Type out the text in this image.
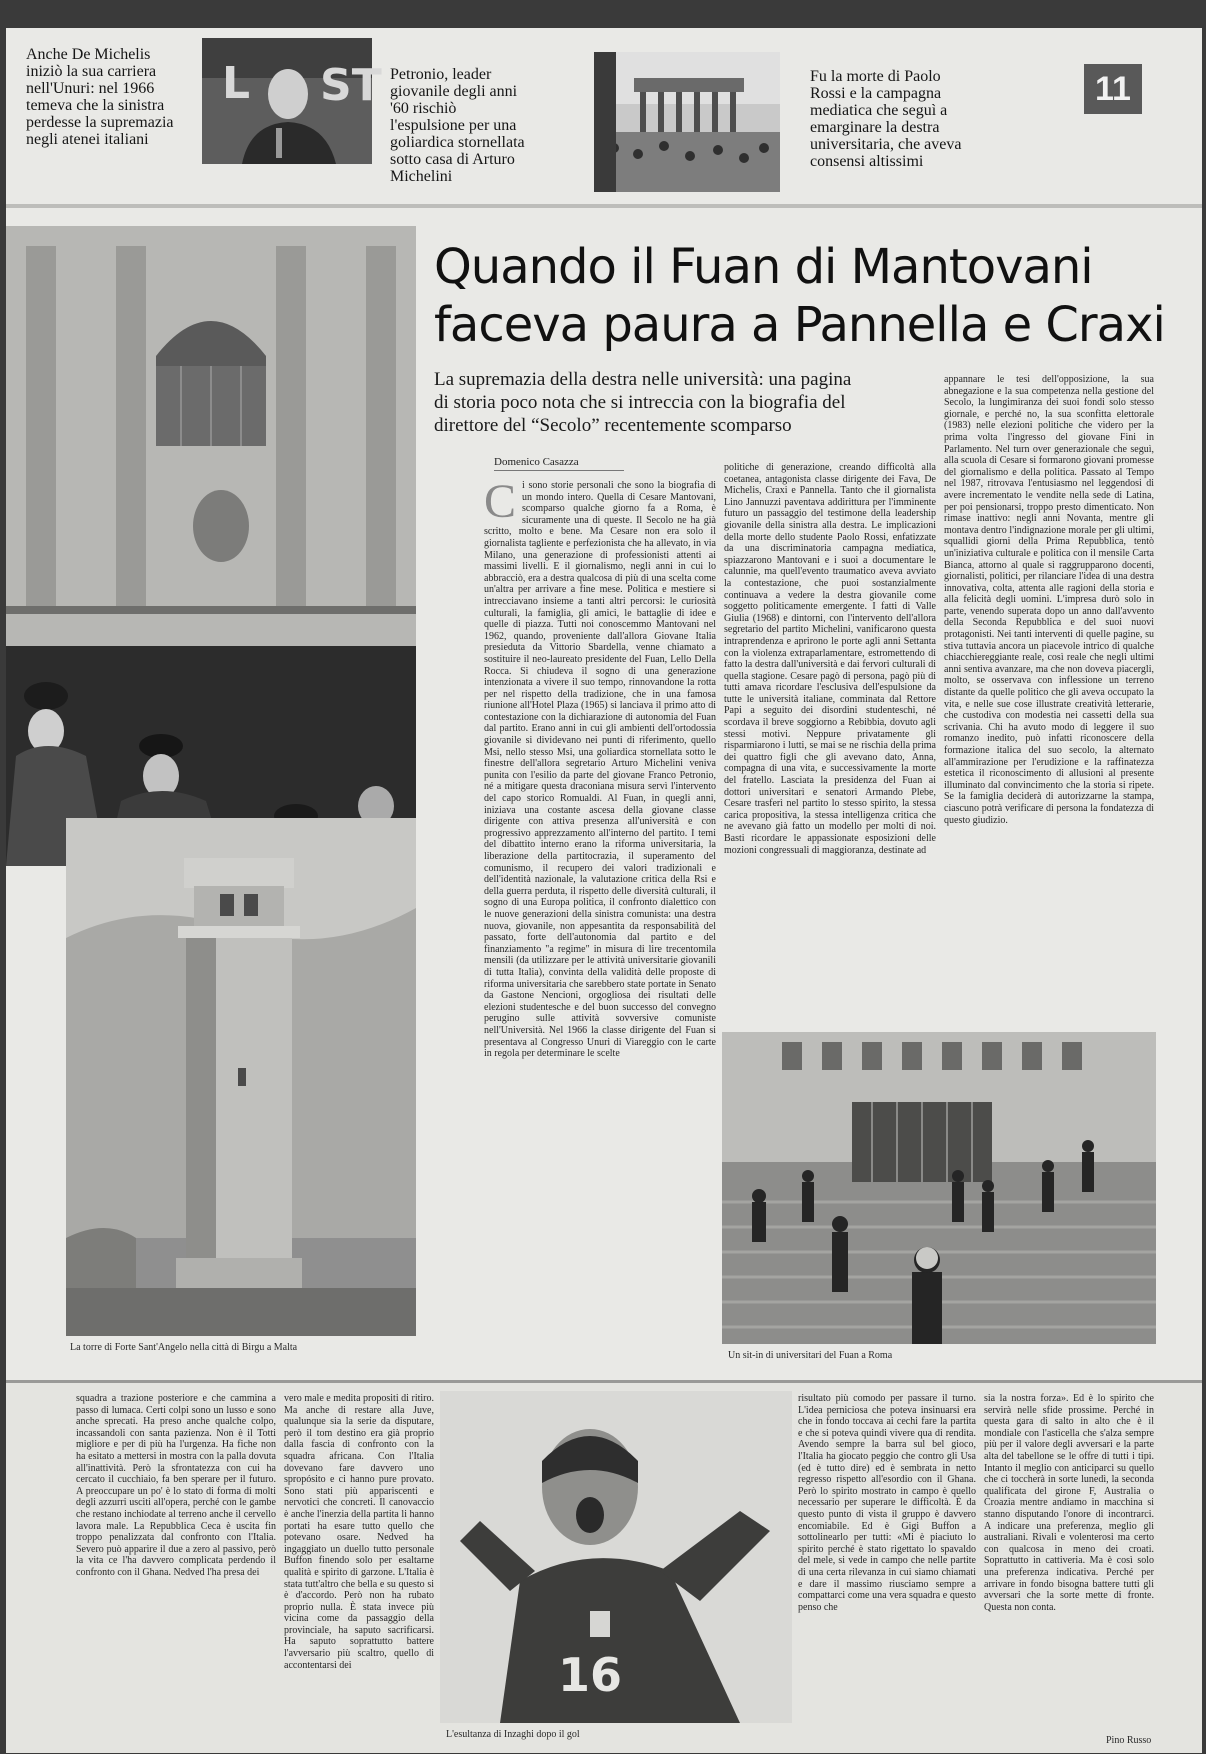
Anche De Michelis iniziò la sua carriera nell'Unuri: nel 1966 temeva che la sinistra perdesse la supremazia negli atenei italiani

L ST Petronio, leader giovanile degli anni '60 rischiò l'espulsione per una goliardica stornellata sotto casa di Arturo Michelini

Fu la morte di Paolo Rossi e la campagna mediatica che seguì a emarginare la destra universitaria, che aveva consensi altissimi

11

La torre di Forte Sant'Angelo nella città di Birgu a Malta

Quando il Fuan di Mantovani
faceva paura a Pannella e Craxi

La supremazia della destra nelle università: una pagina di storia poco nota che si intreccia con la biografia del direttore del “Secolo” recentemente scomparso

Domenico Casazza
C i sono storie personali che sono la biografia di un mondo intero. Quella di Cesare Mantovani, scomparso qualche giorno fa a Roma, è sicuramente una di queste. Il Secolo ne ha già scritto, molto e bene. Ma Cesare non era solo il giornalista tagliente e perfezionista che ha allevato, in via Milano, una generazione di professionisti attenti ai massimi livelli. E il giornalismo, negli anni in cui lo abbracciò, era a destra qualcosa di più di una scelta come un'altra per arrivare a fine mese. Politica e mestiere si intrecciavano insieme a tanti altri percorsi: le curiosità culturali, la famiglia, gli amici, le battaglie di idee e quelle di piazza. Tutti noi conoscemmo Mantovani nel 1962, quando, proveniente dall'allora Giovane Italia presieduta da Vittorio Sbardella, venne chiamato a sostituire il neo-laureato presidente del Fuan, Lello Della Rocca. Si chiudeva il sogno di una generazione intenzionata a vivere il suo tempo, rinnovandone la rotta per nel rispetto della tradizione, che in una famosa riunione all'Hotel Plaza (1965) si lanciava il primo atto di contestazione con la dichiarazione di autonomia del Fuan dal partito. Erano anni in cui gli ambienti dell'ortodossia giovanile si dividevano nei punti di riferimento, quello Msi, nello stesso Msi, una goliardica stornellata sotto le finestre dell'allora segretario Arturo Michelini veniva punita con l'esilio da parte del giovane Franco Petronio, né a mitigare questa draconiana misura servì l'intervento del capo storico Romualdi. Al Fuan, in quegli anni, iniziava una costante ascesa della giovane classe dirigente con attiva presenza all'università e con progressivo apprezzamento all'interno del partito. I temi del dibattito interno erano la riforma universitaria, la liberazione della partitocrazia, il superamento del comunismo, il recupero dei valori tradizionali e dell'identità nazionale, la valutazione critica della Rsi e della guerra perduta, il rispetto delle diversità culturali, il sogno di una Europa politica, il confronto dialettico con le nuove generazioni della sinistra comunista: una destra nuova, giovanile, non appesantita da responsabilità del passato, forte dell'autonomia dal partito e del finanziamento "a regime" in misura di lire trecentomila mensili (da utilizzare per le attività universitarie giovanili di tutta Italia), convinta della validità delle proposte di riforma universitaria che sarebbero state portate in Senato da Gastone Nencioni, orgogliosa dei risultati delle elezioni studentesche e del buon successo del convegno perugino sulle attività sovversive comuniste nell'Università. Nel 1966 la classe dirigente del Fuan si presentava al Congresso Unuri di Viareggio con le carte in regola per determinare le scelte

politiche di generazione, creando difficoltà alla coetanea, antagonista classe dirigente dei Fava, De Michelis, Craxi e Pannella. Tanto che il giornalista Lino Jannuzzi paventava addirittura per l'imminente futuro un passaggio del testimone della leadership giovanile della sinistra alla destra. Le implicazioni della morte dello studente Paolo Rossi, enfatizzate da una discriminatoria campagna mediatica, spiazzarono Mantovani e i suoi a documentare le calunnie, ma quell'evento traumatico aveva avviato la contestazione, che puoi sostanzialmente continuava a vedere la destra giovanile come soggetto politicamente emergente. I fatti di Valle Giulia (1968) e dintorni, con l'intervento dell'allora segretario del partito Michelini, vanificarono questa intraprendenza e aprirono le porte agli anni Settanta con la violenza extraparlamentare, estromettendo di fatto la destra dall'università e dai fervori culturali di quella stagione. Cesare pagò di persona, pagò più di tutti amava ricordare l'esclusiva dell'espulsione da tutte le università italiane, comminata dal Rettore Papi a seguito dei disordini studenteschi, né scordava il breve soggiorno a Rebibbia, dovuto agli stessi motivi. Neppure privatamente gli risparmiarono i lutti, se mai se ne rischia della prima dei quattro figli che gli avevano dato, Anna, compagna di una vita, e successivamente la morte del fratello. Lasciata la presidenza del Fuan ai dottori universitari e senatori Armando Plebe, Cesare trasferì nel partito lo stesso spirito, la stessa carica propositiva, la stessa intelligenza critica che ne avevano già fatto un modello per molti di noi. Basti ricordare le appassionate esposizioni delle mozioni congressuali di maggioranza, destinate ad

appannare le tesi dell'opposizione, la sua abnegazione e la sua competenza nella gestione del Secolo, la lungimiranza dei suoi fondi solo stesso giornale, e perché no, la sua sconfitta elettorale (1983) nelle elezioni politiche che videro per la prima volta l'ingresso del giovane Fini in Parlamento. Nel turn over generazionale che seguì, alla scuola di Cesare si formarono giovani promesse del giornalismo e della politica. Passato al Tempo nel 1987, ritrovava l'entusiasmo nel leggendosi di avere incrementato le vendite nella sede di Latina, per poi pensionarsi, troppo presto dimenticato. Non rimase inattivo: negli anni Novanta, mentre gli montava dentro l'indignazione morale per gli ultimi, squallidi giorni della Prima Repubblica, tentò un'iniziativa culturale e politica con il mensile Carta Bianca, attorno al quale si raggrupparono docenti, giornalisti, politici, per rilanciare l'idea di una destra innovativa, colta, attenta alle ragioni della storia e alla felicità degli uomini. L'impresa durò solo in parte, venendo superata dopo un anno dall'avvento della Seconda Repubblica e del suoi nuovi protagonisti. Nei tanti interventi di quelle pagine, su stiva tuttavia ancora un piacevole intrico di qualche chiacchiereggiante reale, così reale che negli ultimi anni sentiva avanzare, ma che non doveva piacergli, molto, se osservava con inflessione un terreno distante da quelle politico che gli aveva occupato la vita, e nelle sue cose illustrate creatività letterarie, che custodiva con modestia nei cassetti della sua scrivania. Chi ha avuto modo di leggere il suo romanzo inedito, può infatti riconoscere della formazione italica del suo secolo, la alternato all'ammirazione per l'erudizione e la raffinatezza estetica il riconoscimento di allusioni al presente illuminato dal convincimento che la storia si ripete. Se la famiglia deciderà di autorizzarne la stampa, ciascuno potrà verificare di persona la fondatezza di questo giudizio.

Un sit-in di universitari del Fuan a Roma

squadra a trazione posteriore e che cammina a passo di lumaca. Certi colpi sono un lusso e sono anche sprecati. Ha preso anche qualche colpo, incassandoli con santa pazienza. Non è il Totti migliore e per di più ha l'urgenza. Ha fiche non ha esitato a mettersi in mostra con la palla dovuta all'inattività. Però la sfrontatezza con cui ha cercato il cucchiaio, fa ben sperare per il futuro. A preoccupare un po' è lo stato di forma di molti degli azzurri usciti all'opera, perché con le gambe che restano inchiodate al terreno anche il cervello lavora male. La Repubblica Ceca è uscita fin troppo penalizzata dal confronto con l'Italia. Severo può apparire il due a zero al passivo, però la vita ce l'ha davvero complicata perdendo il confronto con il Ghana. Nedved l'ha presa dei

vero male e medita propositi di ritiro. Ma anche di restare alla Juve, qualunque sia la serie da disputare, però il tom destino era già proprio dalla fascia di confronto con la squadra africana. Con l'Italia dovevano fare davvero uno spropósito e ci hanno pure provato. Sono stati più appariscenti e nervotici che concreti. Il canovaccio è anche l'inerzia della partita li hanno portati ha esare tutto quello che potevano osare. Nedved ha ingaggiato un duello tutto personale Buffon finendo solo per esaltarne qualità e spirito di garzone. L'Italia è stata tutt'altro che bella e su questo si è d'accordo. Però non ha rubato proprio nulla. È stata invece più vicina come da passaggio della provinciale, ha saputo sacrificarsi. Ha saputo soprattutto battere l'avversario più scaltro, quello di accontentarsi dei	16

L'esultanza di Inzaghi dopo il gol

risultato più comodo per passare il turno. L'idea perniciosa che poteva insinuarsi era che in fondo toccava ai cechi fare la partita e che si poteva quindi vivere qua di rendita. Avendo sempre la barra sul bel gioco, l'Italia ha giocato peggio che contro gli Usa (ed è tutto dire) ed è sembrata in netto regresso rispetto all'esordio con il Ghana. Però lo spirito mostrato in campo è quello necessario per superare le difficoltà. È da questo punto di vista il gruppo è davvero encomiabile. Ed è Gigi Buffon a sottolinearlo per tutti: «Mi è piaciuto lo spirito perché è stato rigettato lo spavaldo del mele, si vede in campo che nelle partite di una certa rilevanza in cui siamo chiamati e dare il massimo riusciamo sempre a compattarci come una vera squadra e questo penso che

sia la nostra forza». Ed è lo spirito che servirà nelle sfide prossime. Perché in questa gara di salto in alto che è il mondiale con l'asticella che s'alza sempre più per il valore degli avversari e la parte alta del tabellone se le offre di tutti i tipi. Intanto il meglio con anticiparci su quello che ci toccherà in sorte lunedì, la seconda qualificata del girone F, Australia o Croazia mentre andiamo in macchina si stanno disputando l'onore di incontrarci. A indicare una preferenza, meglio gli australiani. Rivali e volenterosi ma certo con qualcosa in meno dei croati. Soprattutto in cattiveria. Ma è così solo una preferenza indicativa. Perché per arrivare in fondo bisogna battere tutti gli avversari che la sorte mette di fronte. Questa non conta.

Pino Russo
